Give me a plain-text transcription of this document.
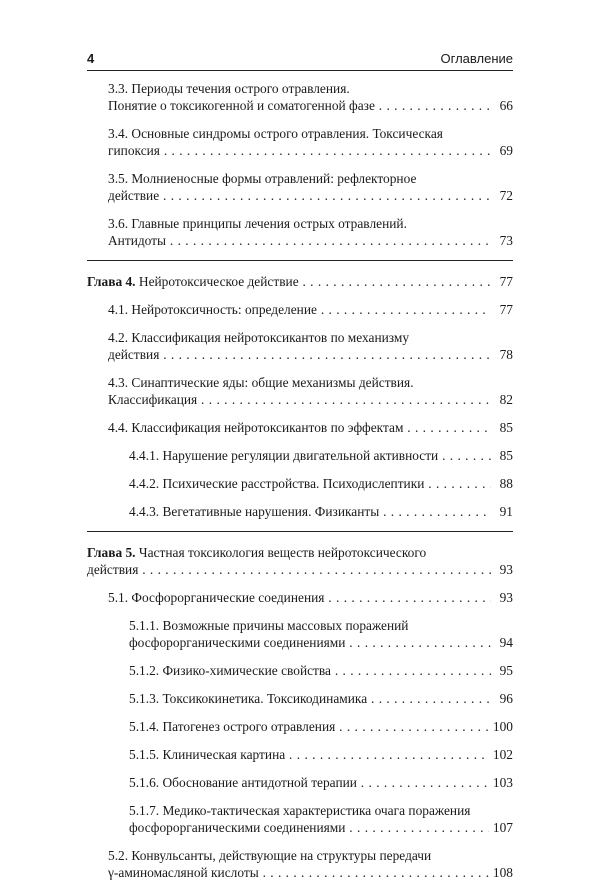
4	Оглавление
3.3. Периоды течения острого отравления.
Понятие о токсикогенной и соматогенной фазе . . .	66
3.4. Основные синдромы острого отравления. Токсическая
гипоксия . . .	69
3.5. Молниеносные формы отравлений: рефлекторное
действие . . .	72
3.6. Главные принципы лечения острых отравлений.
Антидоты . . .	73
Глава 4. Нейротоксическое действие . . .	77
4.1. Нейротоксичность: определение . . .	77
4.2. Классификация нейротоксикантов по механизму
действия . . .	78
4.3. Синаптические яды: общие механизмы действия.
Классификация . . .	82
4.4. Классификация нейротоксикантов по эффектам . . .	85
4.4.1. Нарушение регуляции двигательной активности . . .	85
4.4.2. Психические расстройства. Психодислептики . . .	88
4.4.3. Вегетативные нарушения. Физиканты . . .	91
Глава 5. Частная токсикология веществ нейротоксического
действия . . .	93
5.1. Фосфорорганические соединения . . .	93
5.1.1. Возможные причины массовых поражений
фосфорорганическими соединениями . . .	94
5.1.2. Физико-химические свойства . . .	95
5.1.3. Токсикокинетика. Токсикодинамика . . .	96
5.1.4. Патогенез острого отравления . . .	100
5.1.5. Клиническая картина . . .	102
5.1.6. Обоснование антидотной терапии . . .	103
5.1.7. Медико-тактическая характеристика очага поражения
фосфорорганическими соединениями . . .	107
5.2. Конвульсанты, действующие на структуры передачи
γ-аминомасляной кислоты . . .	108
